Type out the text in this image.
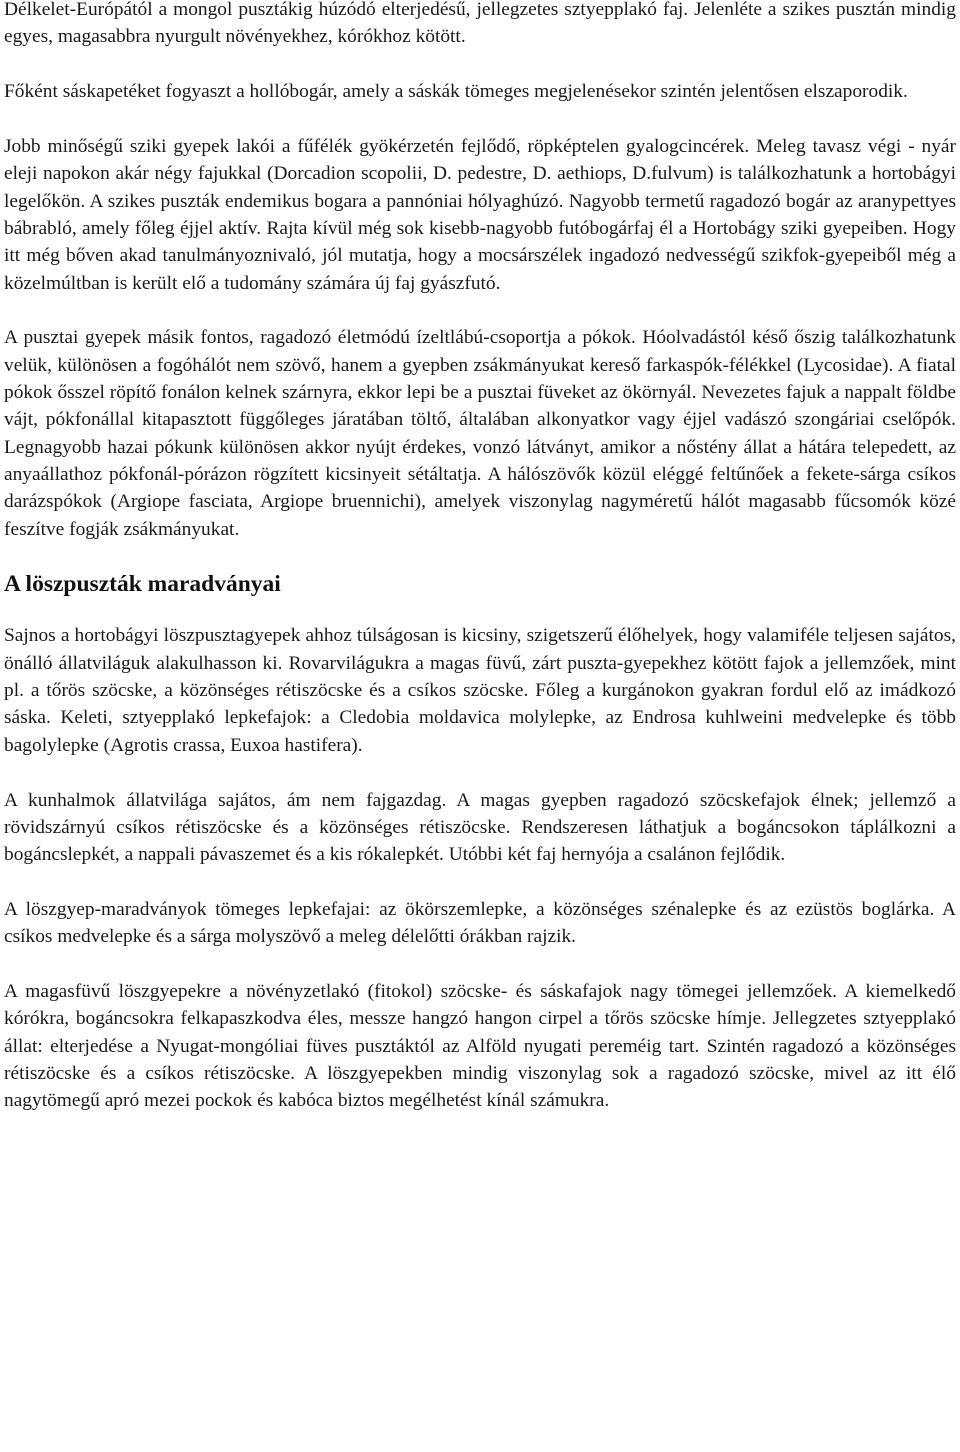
Délkelet-Európától a mongol pusztákig húzódó elterjedésű, jellegzetes sztyepplakó faj. Jelenléte a szikes pusztán mindig egyes, magasabbra nyurgult növényekhez, kórókhoz kötött.

Főként sáskapetéket fogyaszt a hollóbogár, amely a sáskák tömeges megjelenésekor szintén jelentősen elszaporodik.

Jobb minőségű sziki gyepek lakói a fűfélék gyökérzetén fejlődő, röpképtelen gyalogcincérek. Meleg tavasz végi - nyár eleji napokon akár négy fajukkal (Dorcadion scopolii, D. pedestre, D. aethiops, D.fulvum) is találkozhatunk a hortobágyi legelőkön. A szikes puszták endemikus bogara a pannóniai hólyaghúzó. Nagyobb termetű ragadozó bogár az aranypettyes bábrabló, amely főleg éjjel aktív. Rajta kívül még sok kisebb-nagyobb futóbogárfaj él a Hortobágy sziki gyepeiben. Hogy itt még bőven akad tanulmányoznivaló, jól mutatja, hogy a mocsárszélek ingadozó nedvességű szikfok-gyepeiből még a közelmúltban is került elő a tudomány számára új faj gyászfutó.

A pusztai gyepek másik fontos, ragadozó életmódú ízeltlábú-csoportja a pókok. Hóolvadástól késő őszig találkozhatunk velük, különösen a fogóhálót nem szövő, hanem a gyepben zsákmányukat kereső farkaspók-félékkel (Lycosidae). A fiatal pókok ősszel röpítő fonálon kelnek szárnyra, ekkor lepi be a pusztai füveket az ökörnyál. Nevezetes fajuk a nappalt földbe vájt, pókfonállal kitapasztott függőleges járatában töltő, általában alkonyatkor vagy éjjel vadászó szongáriai cselőpók. Legnagyobb hazai pókunk különösen akkor nyújt érdekes, vonzó látványt, amikor a nőstény állat a hátára telepedett, az anyaállathoz pókfonál-pórázon rögzített kicsinyeit sétáltatja. A hálószövők közül eléggé feltűnőek a fekete-sárga csíkos darázspókok (Argiope fasciata, Argiope bruennichi), amelyek viszonylag nagyméretű hálót magasabb fűcsomók közé feszítve fogják zsákmányukat.

A löszpuszták maradványai

Sajnos a hortobágyi löszpusztagyepek ahhoz túlságosan is kicsiny, szigetszerű élőhelyek, hogy valamiféle teljesen sajátos, önálló állatviláguk alakulhasson ki. Rovarvilágukra a magas füvű, zárt puszta-gyepekhez kötött fajok a jellemzőek, mint pl. a tőrös szöcske, a közönséges rétiszöcske és a csíkos szöcske. Főleg a kurgánokon gyakran fordul elő az imádkozó sáska. Keleti, sztyepplakó lepkefajok: a Cledobia moldavica molylepke, az Endrosa kuhlweini medvelepke és több bagolylepke (Agrotis crassa, Euxoa hastifera).

A kunhalmok állatvilága sajátos, ám nem fajgazdag. A magas gyepben ragadozó szöcskefajok élnek; jellemző a rövidszárnyú csíkos rétiszöcske és a közönséges rétiszöcske. Rendszeresen láthatjuk a bogáncsokon táplálkozni a bogáncslepkét, a nappali pávaszemet és a kis rókalepkét. Utóbbi két faj hernyója a csalánon fejlődik.

A löszgyep-maradványok tömeges lepkefajai: az ökörszemlepke, a közönséges szénalepke és az ezüstös boglárka. A csíkos medvelepke és a sárga molyszövő a meleg délelőtti órákban rajzik.

A magasfüvű löszgyepekre a növényzetlakó (fitokol) szöcske- és sáskafajok nagy tömegei jellemzőek. A kiemelkedő kórókra, bogáncsokra felkapaszkodva éles, messze hangzó hangon cirpel a tőrös szöcske hímje. Jellegzetes sztyepplakó állat: elterjedése a Nyugat-mongóliai füves pusztáktól az Alföld nyugati pereméig tart. Szintén ragadozó a közönséges rétiszöcske és a csíkos rétiszöcske. A löszgyepekben mindig viszonylag sok a ragadozó szöcske, mivel az itt élő nagytömegű apró mezei pockok és kabóca biztos megélhetést kínál számukra.
